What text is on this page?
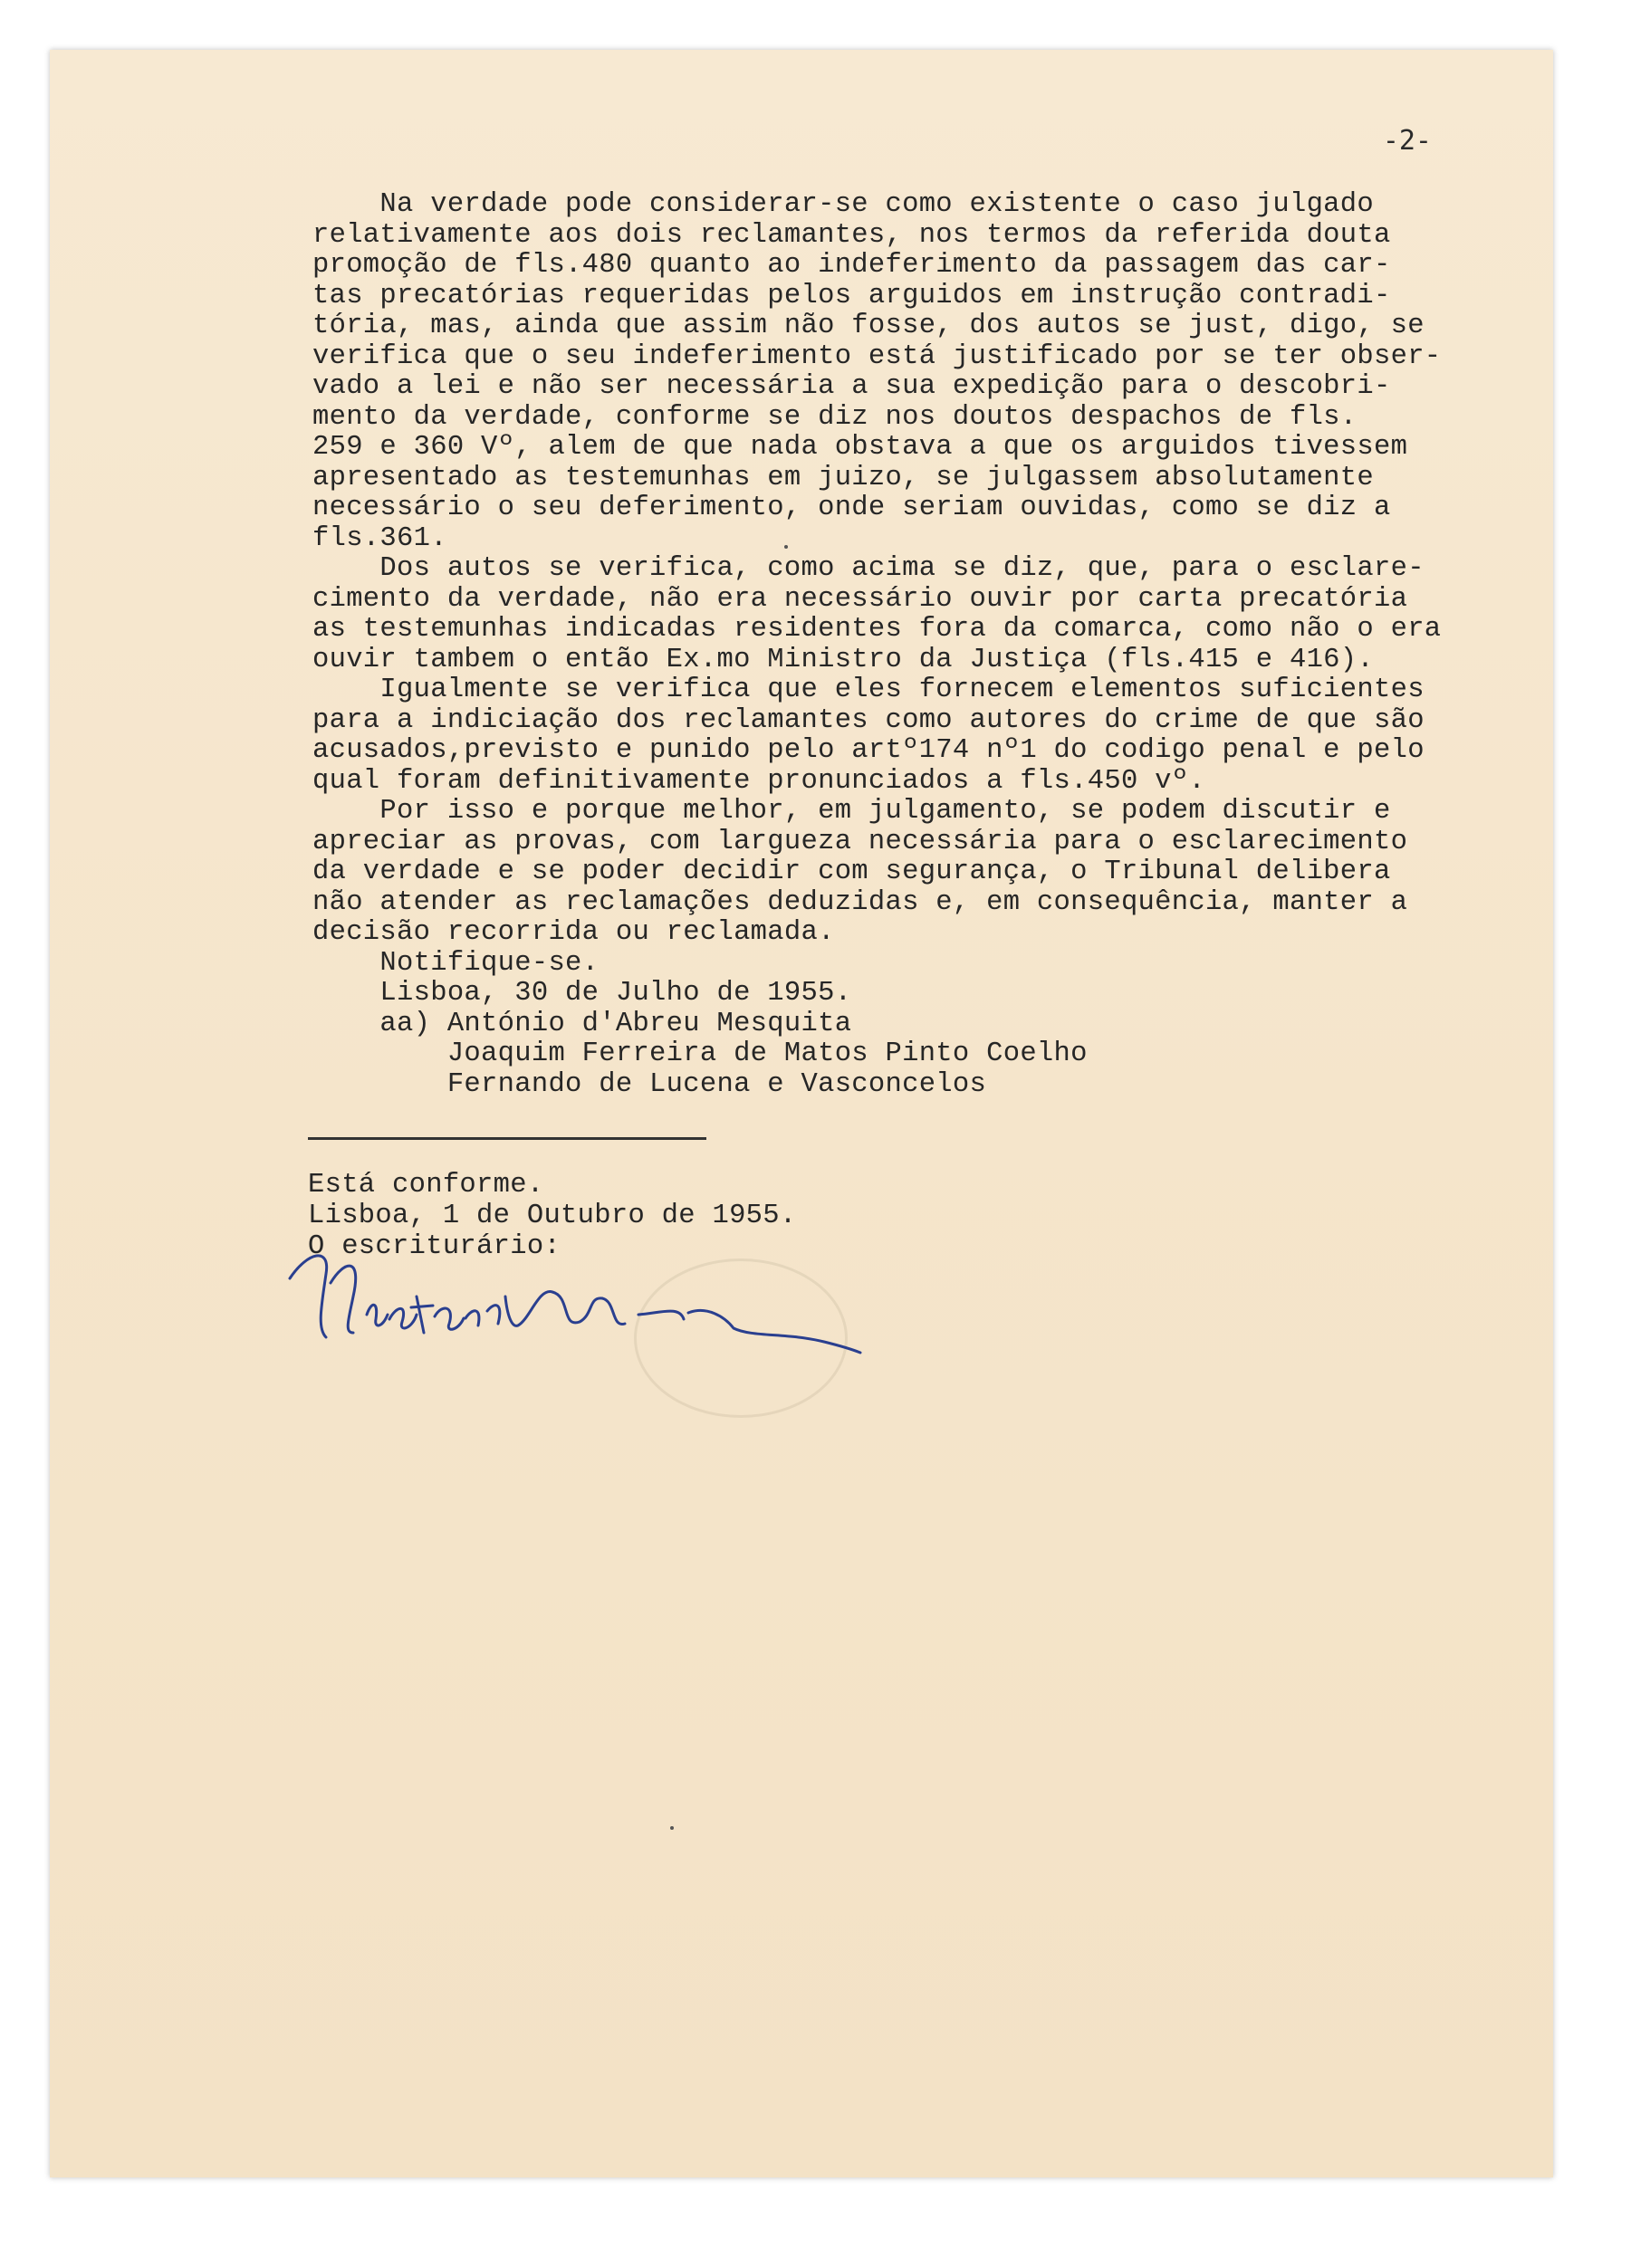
-2-
Na verdade pode considerar-se como existente o caso julgado
relativamente aos dois reclamantes, nos termos da referida douta
promoção de fls.480 quanto ao indeferimento da passagem das car-
tas precatórias requeridas pelos arguidos em instrução contradi-
tória, mas, ainda que assim não fosse, dos autos se just, digo, se
verifica que o seu indeferimento está justificado por se ter obser-
vado a lei e não ser necessária a sua expedição para o descobri-
mento da verdade, conforme se diz nos doutos despachos de fls.
259 e 360 Vº, alem de que nada obstava a que os arguidos tivessem
apresentado as testemunhas em juizo, se julgassem absolutamente
necessário o seu deferimento, onde seriam ouvidas, como se diz a
fls.361.
Dos autos se verifica, como acima se diz, que, para o esclare-
cimento da verdade, não era necessário ouvir por carta precatória
as testemunhas indicadas residentes fora da comarca, como não o era
ouvir tambem o então Ex.mo Ministro da Justiça (fls.415 e 416).
Igualmente se verifica que eles fornecem elementos suficientes
para a indiciação dos reclamantes como autores do crime de que são
acusados,previsto e punido pelo artº174 nº1 do codigo penal e pelo
qual foram definitivamente pronunciados a fls.450 vº.
Por isso e porque melhor, em julgamento, se podem discutir e
apreciar as provas, com largueza necessária para o esclarecimento
da verdade e se poder decidir com segurança, o Tribunal delibera
não atender as reclamações deduzidas e, em consequência, manter a
decisão recorrida ou reclamada.
Notifique-se.
Lisboa, 30 de Julho de 1955.
aa) António d'Abreu Mesquita
Joaquim Ferreira de Matos Pinto Coelho
Fernando de Lucena e Vasconcelos
Está conforme.
Lisboa, 1 de Outubro de 1955.
O escriturário:
